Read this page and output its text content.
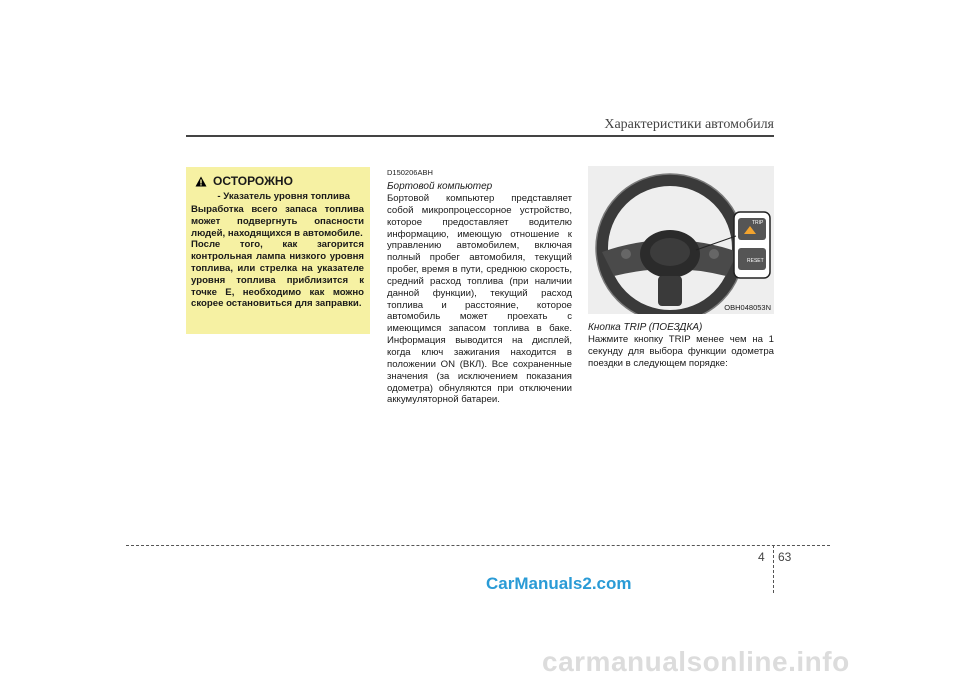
Характеристики автомобиля
ОСТОРОЖНО
- Указатель уровня топлива

Выработка всего запаса топлива может подвергнуть опасности людей, находящихся в автомобиле.

После того, как загорится контрольная лампа низкого уровня топлива, или стрелка на указателе уровня топлива приблизится к точке E, необходимо как можно скорее остановиться для заправки.

D150206ABH
Бортовой компьютер
Бортовой компьютер представляет собой микропроцессорное устройство, которое предоставляет водителю информацию, имеющую отношение к управлению автомобилем, включая полный пробег автомобиля, текущий пробег, время в пути, среднюю скорость, средний расход топлива (при наличии данной функции), текущий расход топлива и расстояние, которое автомобиль может проехать с имеющимся запасом топлива в баке. Информация выводится на дисплей, когда ключ зажигания находится в положении ON (ВКЛ). Все сохраненные значения (за исключением показания одометра) обнуляются при отключении аккумуляторной батареи.
RESET
TRIP
OBH048053N
Кнопка TRIP (ПОЕЗДКА)
Нажмите кнопку TRIP менее чем на 1 секунду для выбора функции одометра поездки в следующем порядке:
4 63
CarManuals2.com
carmanualsonline.info
